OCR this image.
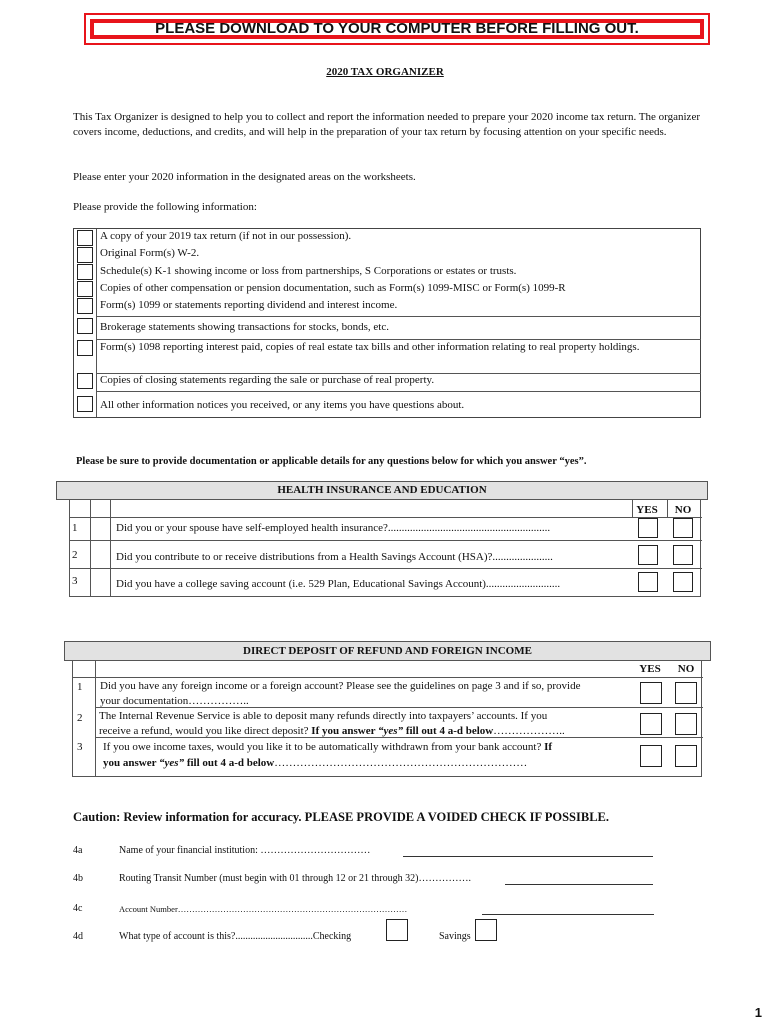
PLEASE DOWNLOAD TO YOUR COMPUTER BEFORE FILLING OUT.
2020 TAX ORGANIZER
This Tax Organizer is designed to help you to collect and report the information needed to prepare your 2020 income tax return. The organizer covers income, deductions, and credits, and will help in the preparation of your tax return by focusing attention on your specific needs.
Please enter your 2020 information in the designated areas on the worksheets.
Please provide the following information:
A copy of your 2019 tax return (if not in our possession).
Original Form(s) W-2.
Schedule(s) K-1 showing income or loss from partnerships, S Corporations or estates or trusts.
Copies of other compensation or pension documentation, such as Form(s) 1099-MISC or Form(s) 1099-R
Form(s) 1099 or statements reporting dividend and interest income.
Brokerage statements showing transactions for stocks, bonds, etc.
Form(s) 1098 reporting interest paid, copies of real estate tax bills and other information relating to real property holdings.
Copies of closing statements regarding the sale or purchase of real property.
All other information notices you received, or any items you have questions about.
Please be sure to provide documentation or applicable details for any questions below for which you answer “yes”.
HEALTH INSURANCE AND EDUCATION
YES	NO
1	Did you or your spouse have self-employed health insurance?...........................................................
2	Did you contribute to or receive distributions from a Health Savings Account (HSA)?......................
3	Did you have a college saving account (i.e. 529 Plan, Educational Savings Account)...........................
DIRECT DEPOSIT OF REFUND AND FOREIGN INCOME
YES	NO
1 Did you have any foreign income or a foreign account? Please see the guidelines on page 3 and if so, provide
your documentation……………..
2 The Internal Revenue Service is able to deposit many refunds directly into taxpayers’ accounts. If you
receive a refund, would you like direct deposit? If you answer “yes” fill out 4 a-d below………………..
3 If you owe income taxes, would you like it to be automatically withdrawn from your bank account? If
you answer “yes” fill out 4 a-d below……………………………………………………………
Caution: Review information for accuracy. PLEASE PROVIDE A VOIDED CHECK IF POSSIBLE.
4a	Name of your financial institution: ……………………………
4b	Routing Transit Number (must begin with 01 through 12 or 21 through 32)…………….
4c	Account Number………………………………………………………………………
4d	What type of account is this?...............................Checking	Savings
1
